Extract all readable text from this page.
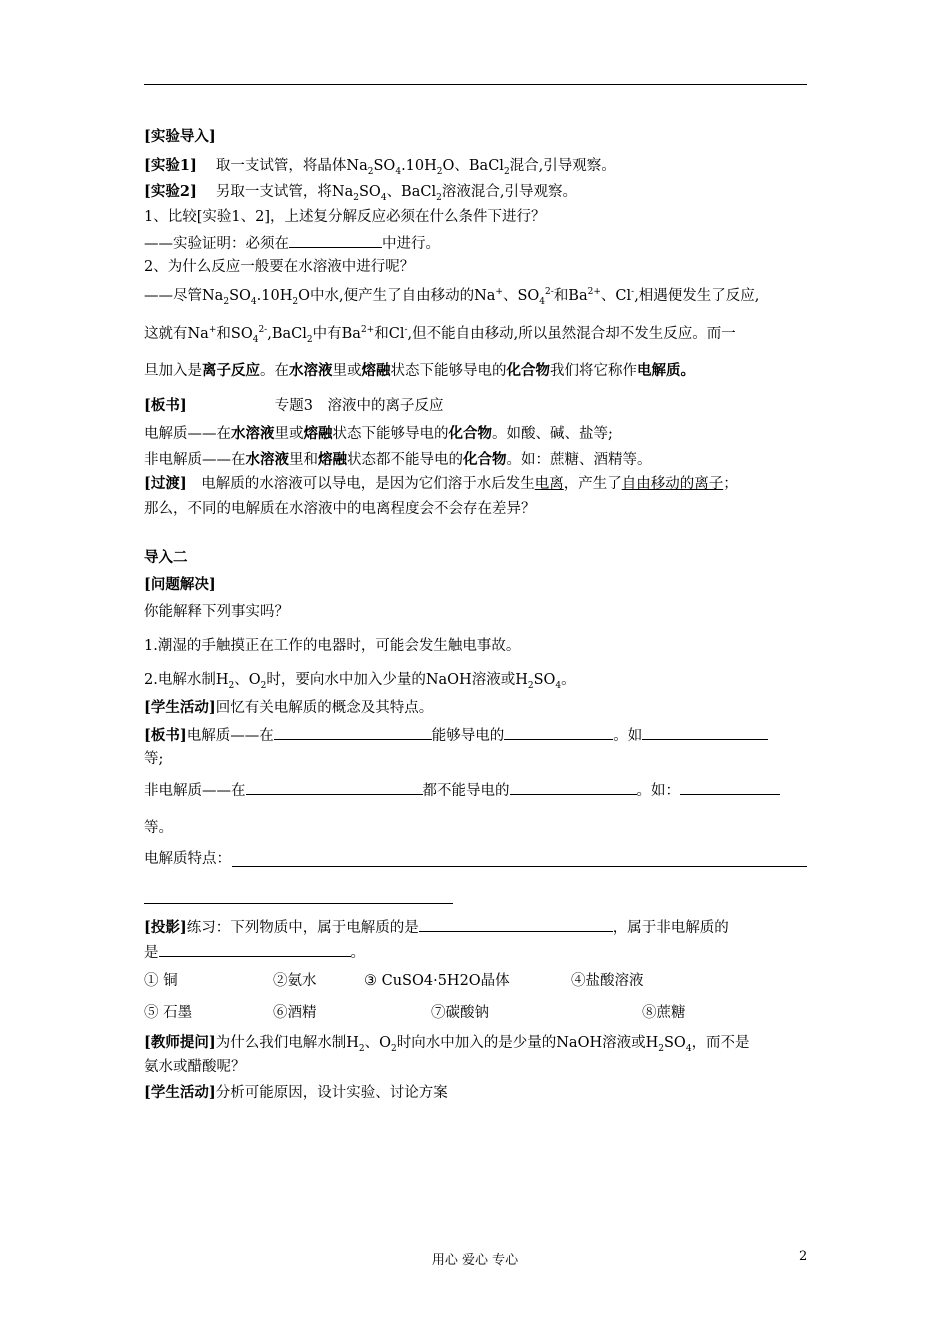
[实验导入]
[实验1]　 取一支试管，将晶体$Na_2SO_4.10H_2O$、BaCl$_2$混合,引导观察。
[实验2]　 另取一支试管，将$Na_2SO_4$、BaCl$_2$溶液混合,引导观察。
1、比较[实验1、2]，上述复分解反应必须在什么条件下进行？
——实验证明：必须在	中进行。
2、为什么反应一般要在水溶液中进行呢？
——尽管$Na_2SO_4.10H_2O$中水,便产生了自由移动的Na+、$SO_4^{2-}$和$Ba^{2+}$、Cl-,相遇便发生了反应,
这就有Na+和$SO_4^{2-},BaCl_2$中有$Ba^{2+}$和Cl-,但不能自由移动,所以虽然混合却不发生反应。而一
旦加入是离子反应。在水溶液里或熔融状态下能够导电的化合物我们将它称作电解质。
[板书]	专题3　溶液中的离子反应
电解质——在水溶液里或熔融状态下能够导电的化合物。如酸、碱、盐等;
非电解质——在水溶液里和熔融状态都不能导电的化合物。如：蔗糖、酒精等。
[过渡]　 电解质的水溶液可以导电，是因为它们溶于水后发生电离，产生了自由移动的离子；
那么，不同的电解质在水溶液中的电离程度会不会存在差异？
导入二
[问题解决]
你能解释下列事实吗？
1.潮湿的手触摸正在工作的电器时，可能会发生触电事故。
2.电解水制$H_2$、$O_2$时，要向水中加入少量的NaOH溶液或$H_2SO_4$。
[学生活动]回忆有关电解质的概念及其特点。
[板书]电解质——在	能够导电的	。如
等;
非电解质——在	都不能导电的	。如：
等。
电解质特点：
[投影]练习：下列物质中，属于电解质的是	，属于非电解质的
是	。
① 铜	②氨水	③ CuSO4·5H2O晶体	④盐酸溶液
⑤ 石墨	⑥酒精	⑦碳酸钠	⑧蔗糖
[教师提问]为什么我们电解水制$H_2$、$O_2$时向水中加入的是少量的NaOH溶液或$H_2SO_4$，而不是
氨水或醋酸呢？
[学生活动]分析可能原因，设计实验、讨论方案
用心 爱心 专心	2
